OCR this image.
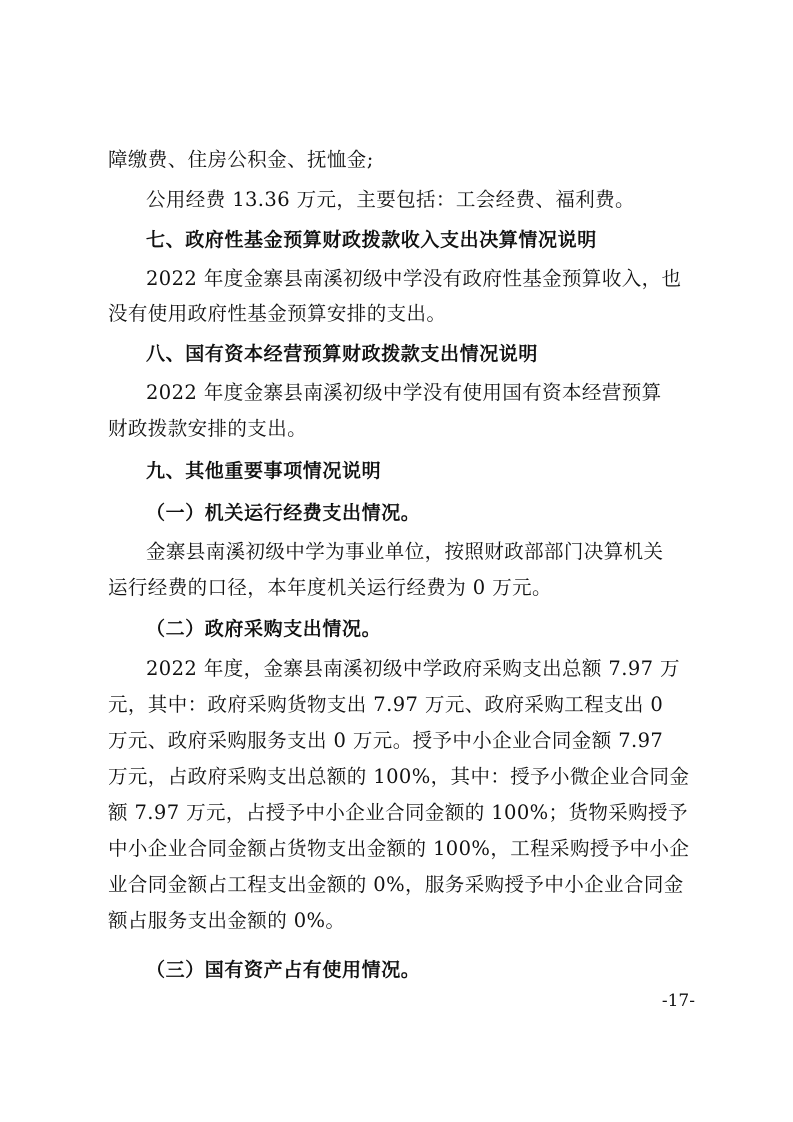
障缴费、住房公积金、抚恤金;
公用经费 13.36 万元，主要包括：工会经费、福利费。
七、政府性基金预算财政拨款收入支出决算情况说明
2022 年度金寨县南溪初级中学没有政府性基金预算收入，也
没有使用政府性基金预算安排的支出。
八、国有资本经营预算财政拨款支出情况说明
2022 年度金寨县南溪初级中学没有使用国有资本经营预算
财政拨款安排的支出。
九、其他重要事项情况说明
（一）机关运行经费支出情况。
金寨县南溪初级中学为事业单位，按照财政部部门决算机关
运行经费的口径，本年度机关运行经费为 0 万元。
（二）政府采购支出情况。
2022 年度，金寨县南溪初级中学政府采购支出总额 7.97 万
元，其中：政府采购货物支出 7.97 万元、政府采购工程支出 0
万元、政府采购服务支出 0 万元。授予中小企业合同金额 7.97
万元，占政府采购支出总额的 100%，其中：授予小微企业合同金
额 7.97 万元，占授予中小企业合同金额的 100%；货物采购授予
中小企业合同金额占货物支出金额的 100%，工程采购授予中小企
业合同金额占工程支出金额的 0%，服务采购授予中小企业合同金
额占服务支出金额的 0%。
（三）国有资产占有使用情况。
-17-
